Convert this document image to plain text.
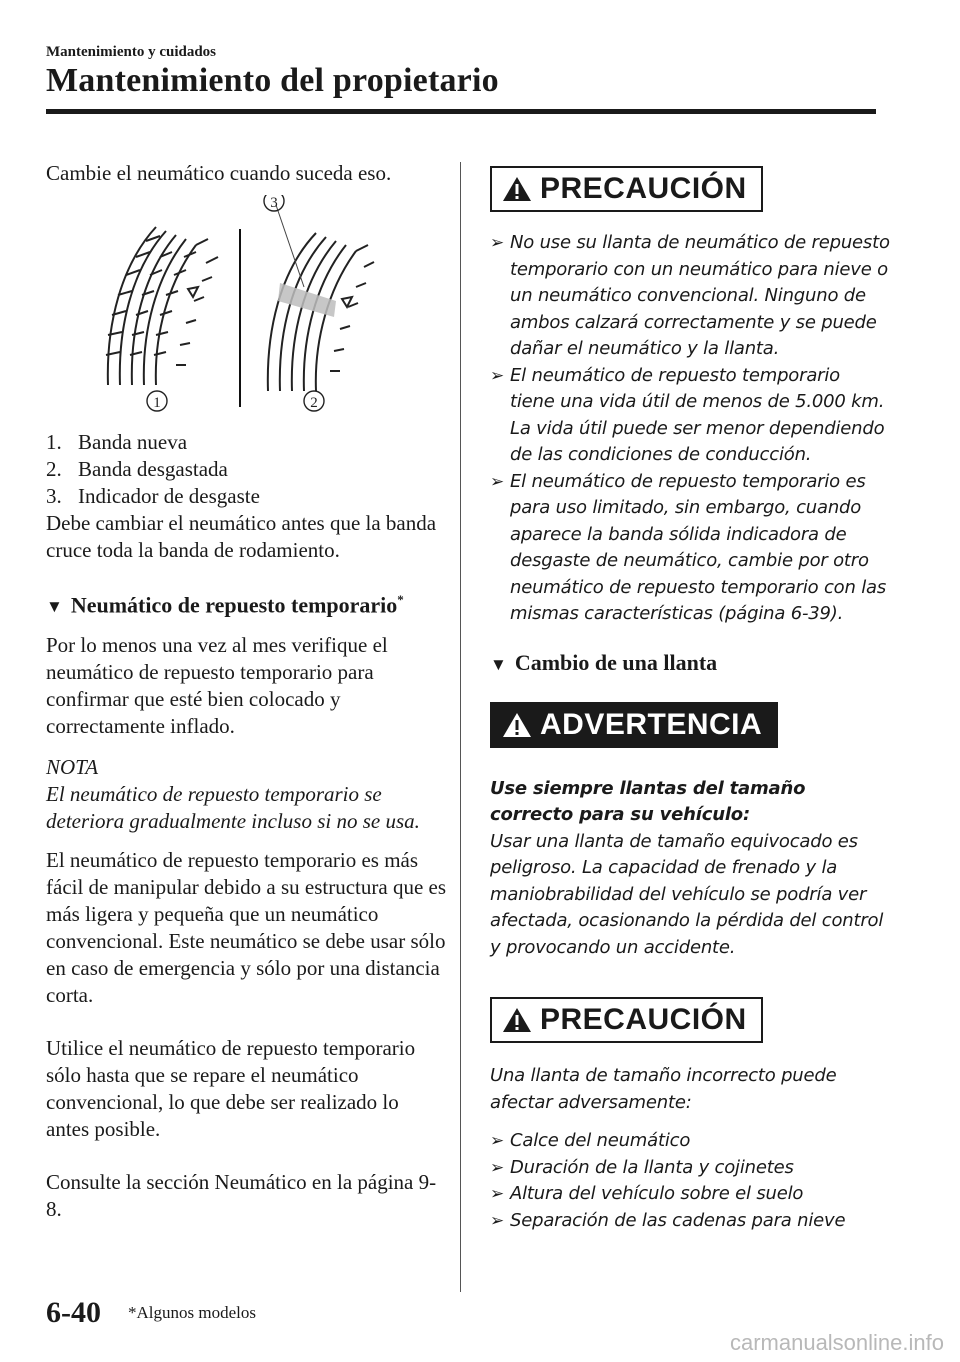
Mantenimiento y cuidados
Mantenimiento del propietario

Cambie el neumático cuando suceda eso.

1	2
3
1. Banda nueva
2. Banda desgastada
3. Indicador de desgaste

Debe cambiar el neumático antes que la banda cruce toda la banda de rodamiento.

▼ Neumático de repuesto temporario*

Por lo menos una vez al mes verifique el neumático de repuesto temporario para confirmar que esté bien colocado y correctamente inflado.

NOTA

El neumático de repuesto temporario se deteriora gradualmente incluso si no se usa.

El neumático de repuesto temporario es más fácil de manipular debido a su estructura que es más ligera y pequeña que un neumático convencional. Este neumático se debe usar sólo en caso de emergencia y sólo por una distancia corta.

Utilice el neumático de repuesto temporario sólo hasta que se repare el neumático convencional, lo que debe ser realizado lo antes posible.

Consulte la sección Neumático en la página 9-8.

PRECAUCIÓN
➢ No use su llanta de neumático de repuesto temporario con un neumático para nieve o un neumático convencional. Ninguno de ambos calzará correctamente y se puede dañar el neumático y la llanta.
➢ El neumático de repuesto temporario tiene una vida útil de menos de 5.000 km. La vida útil puede ser menor dependiendo de las condiciones de conducción.
➢ El neumático de repuesto temporario es para uso limitado, sin embargo, cuando aparece la banda sólida indicadora de desgaste de neumático, cambie por otro neumático de repuesto temporario con las mismas características (página 6-39).
▼ Cambio de una llanta
ADVERTENCIA
Use siempre llantas del tamaño correcto para su vehículo:
Usar una llanta de tamaño equivocado es peligroso. La capacidad de frenado y la maniobrabilidad del vehículo se podría ver afectada, ocasionando la pérdida del control y provocando un accidente.
PRECAUCIÓN
Una llanta de tamaño incorrecto puede afectar adversamente:
➢ Calce del neumático
➢ Duración de la llanta y cojinetes
➢ Altura del vehículo sobre el suelo
➢ Separación de las cadenas para nieve
6-40 *Algunos modelos
carmanualsonline.info
